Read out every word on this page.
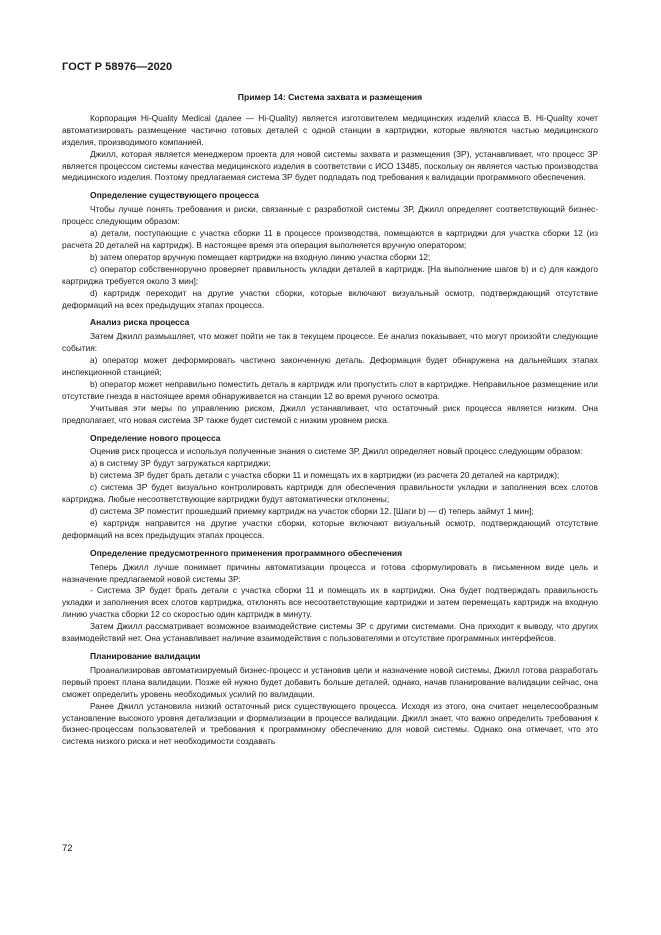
ГОСТ Р 58976—2020
Пример 14: Система захвата и размещения

Корпорация Hi-Quality Medical (далее — Hi-Quality) является изготовителем медицинских изделий класса В. Hi-Quality хочет автоматизировать размещение частично готовых деталей с одной станции в картриджи, которые являются частью медицинского изделия, производимого компанией.

Джилл, которая является менеджером проекта для новой системы захвата и размещения (ЗР), устанавливает, что процесс ЗР является процессом системы качества медицинского изделия в соответствии с ИСО 13485, поскольку он является частью производства медицинского изделия. Поэтому предлагаемая система ЗР будет подпадать под требования к валидации программного обеспечения.

Определение существующего процесса

Чтобы лучше понять требования и риски, связанные с разработкой системы ЗР, Джилл определяет соответствующий бизнес-процесс следующим образом:

а) детали, поступающие с участка сборки 11 в процессе производства, помещаются в картриджи для участка сборки 12 (из расчета 20 деталей на картридж). В настоящее время эта операция выполняется вручную оператором;

b) затем оператор вручную помещает картриджи на входную линию участка сборки 12;

с) оператор собственноручно проверяет правильность укладки деталей в картридж. [На выполнение шагов b) и с) для каждого картриджа требуется около 3 мин];

d) картридж переходит на другие участки сборки, которые включают визуальный осмотр, подтверждающий отсутствие деформаций на всех предыдущих этапах процесса.

Анализ риска процесса

Затем Джилл размышляет, что может пойти не так в текущем процессе. Ее анализ показывает, что могут произойти следующие события:

а) оператор может деформировать частично законченную деталь. Деформация будет обнаружена на дальнейших этапах инспекционной станцией;

b) оператор может неправильно поместить деталь в картридж или пропустить слот в картридже. Неправильное размещение или отсутствие гнезда в настоящее время обнаруживается на станции 12 во время ручного осмотра.

Учитывая эти меры по управлению риском, Джилл устанавливает, что остаточный риск процесса является низким. Она предполагает, что новая система ЗР также будет системой с низким уровнем риска.

Определение нового процесса

Оценив риск процесса и используя полученные знания о системе ЗР, Джилл определяет новый процесс следующим образом:

а) в систему ЗР будут загружаться картриджи;

b) система ЗР будет брать детали с участка сборки 11 и помещать их в картриджи (из расчета 20 деталей на картридж);

с) система ЗР будет визуально контролировать картридж для обеспечения правильности укладки и заполнения всех слотов картриджа. Любые несоответствующие картриджи будут автоматически отклонены;

d) система ЗР поместит прошедший приемку картридж на участок сборки 12. [Шаги b) — d) теперь займут 1 мин];

е) картридж направится на другие участки сборки, которые включают визуальный осмотр, подтверждающий отсутствие деформаций на всех предыдущих этапах процесса.

Определение предусмотренного применения программного обеспечения

Теперь Джилл лучше понимает причины автоматизации процесса и готова сформулировать в письменном виде цель и назначение предлагаемой новой системы ЗР:

- Система ЗР будет брать детали с участка сборки 11 и помещать их в картриджи. Она будет подтверждать правильность укладки и заполнения всех слотов картриджа, отклонять все несоответствующие картриджи и затем перемещать картридж на входную линию участка сборки 12 со скоростью один картридж в минуту.

Затем Джилл рассматривает возможное взаимодействие системы ЗР с другими системами. Она приходит к выводу, что других взаимодействий нет. Она устанавливает наличие взаимодействия с пользователями и отсутствие программных интерфейсов.

Планирование валидации

Проанализировав автоматизируемый бизнес-процесс и установив цели и назначение новой системы, Джилл готова разработать первый проект плана валидации. Позже ей нужно будет добавить больше деталей, однако, начав планирование валидации сейчас, она сможет определить уровень необходимых усилий по валидации.

Ранее Джилл установила низкий остаточный риск существующего процесса. Исходя из этого, она считает нецелесообразным установление высокого уровня детализации и формализации в процессе валидации. Джилл знает, что важно определить требования к бизнес-процессам пользователей и требования к программному обеспечению для новой системы. Однако она отмечает, что это система низкого риска и нет необходимости создавать

72
